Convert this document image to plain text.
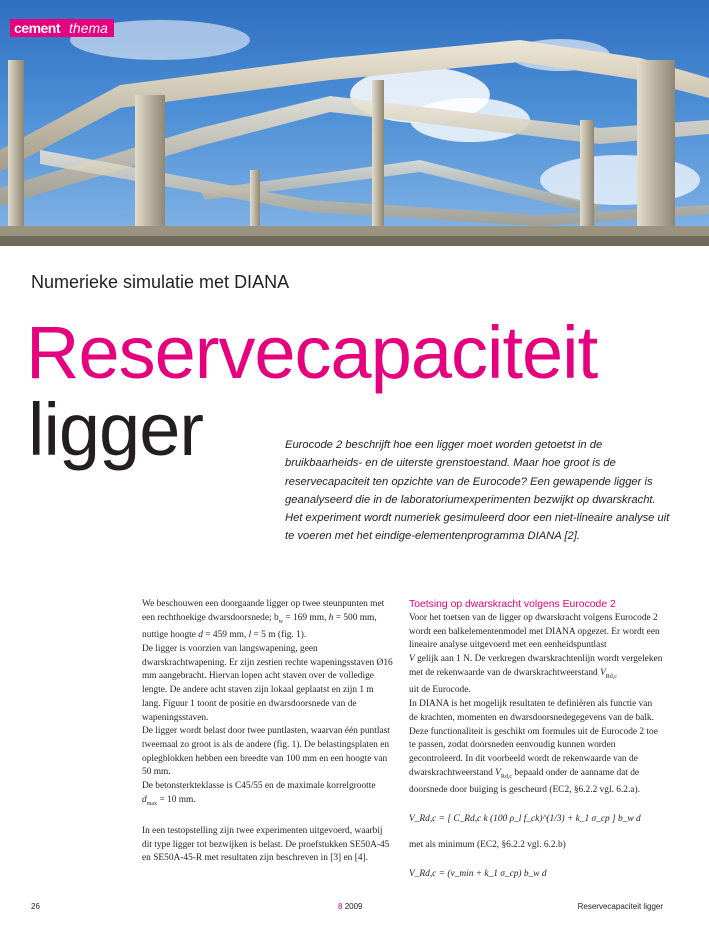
cement thema
Numerieke simulatie met DIANA
Reservecapaciteit
ligger	Eurocode 2 beschrijft hoe een ligger moet worden getoetst in de bruikbaarheids- en de uiterste grenstoestand. Maar hoe groot is de reservecapaciteit ten opzichte van de Eurocode? Een gewapende ligger is geanalyseerd die in de laboratoriumexperimenten bezwijkt op dwarskracht. Het experiment wordt numeriek gesimuleerd door een niet-lineaire analyse uit te voeren met het eindige-elementenprogramma DIANA [2].

We beschouwen een doorgaande ligger op twee steunpunten met een rechthoekige dwarsdoorsnede; $b_w = 169$ mm, h = 500 mm, nuttige hoogte d = 459 mm, l = 5 m (fig. 1).

De ligger is voorzien van langswapening, geen dwarskrachtwapening. Er zijn zestien rechte wapeningsstaven Ø16 mm aangebracht. Hiervan lopen acht staven over de volledige lengte. De andere acht staven zijn lokaal geplaatst en zijn 1 m lang. Figuur 1 toont de positie en dwarsdoorsnede van de wapeningsstaven.

De ligger wordt belast door twee puntlasten, waarvan één puntlast tweemaal zo groot is als de andere (fig. 1). De belastingsplaten en oplegblokken hebben een breedte van 100 mm en een hoogte van 50 mm.

De betonsterkteklasse is C45/55 en de maximale korrelgrootte
$d_{max} = 10$ mm.

In een testopstelling zijn twee experimenten uitgevoerd, waarbij dit type ligger tot bezwijken is belast. De proefstukken SE50A-45 en SE50A-45-R met resultaten zijn beschreven in [3] en [4].

Toetsing op dwarskracht volgens Eurocode 2

Voor het toetsen van de ligger op dwarskracht volgens Eurocode 2 wordt een balkelementenmodel met DIANA opgezet. Er wordt een lineaire analyse uitgevoerd met een eenheidspuntlast
V gelijk aan 1 N. De verkregen dwarskrachtenlijn wordt vergeleken met de rekenwaarde van de dwarskrachtweerstand $V_{Rd,c}$
uit de Eurocode.

In DIANA is het mogelijk resultaten te definiëren als functie van de krachten, momenten en dwarsdoorsnedegegevens van de balk. Deze functionaliteit is geschikt om formules uit de Eurocode 2 toe te passen, zodat doorsneden eenvoudig kunnen worden gecontroleerd. In dit voorbeeld wordt de rekenwaarde van de dwarskrachtweerstand $V_{Rd,c}$ bepaald onder de aanname dat de doorsnede door buiging is gescheurd (EC2, §6.2.2 vgl. 6.2.a).

V_Rd,c = [ C_Rd,c k (100 ρ_l f_ck)^(1/3) + k_1 σ_cp ] b_w d

met als minimum (EC2, §6.2.2 vgl. 6.2.b)

V_Rd,c = (v_min + k_1 σ_cp) b_w d

26	8 2009	Reservecapaciteit ligger
